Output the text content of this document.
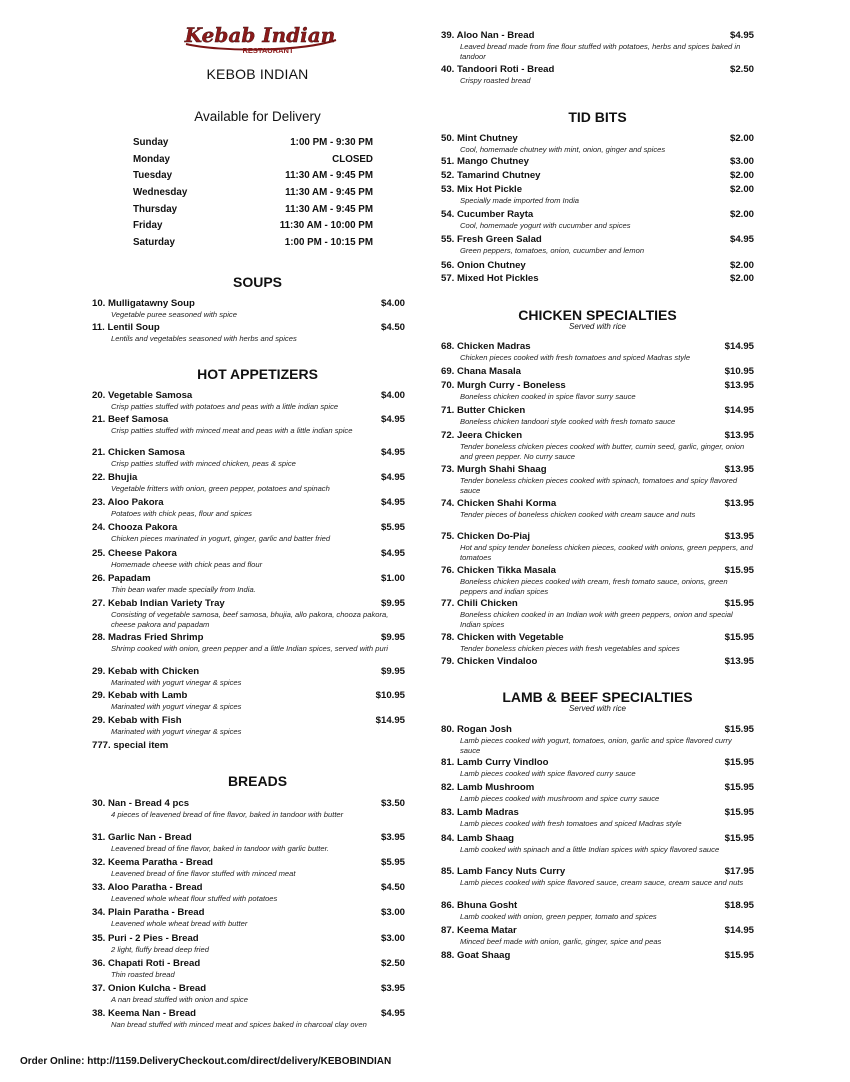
Kebab Indian
RESTAURANT
KEBOB INDIAN
Available for Delivery
Sunday	1:00 PM - 9:30 PM
Monday	CLOSED
Tuesday	11:30 AM - 9:45 PM
Wednesday	11:30 AM - 9:45 PM
Thursday	11:30 AM - 9:45 PM
Friday	11:30 AM - 10:00 PM
Saturday	1:00 PM - 10:15 PM
SOUPS
HOT APPETIZERS
BREADS
TID BITS
CHICKEN SPECIALTIES
Served with rice
LAMB & BEEF SPECIALTIES
Served with rice
Order Online: http://1159.DeliveryCheckout.com/direct/delivery/KEBOBINDIAN
10. Mulligatawny Soup	$4.00
Vegetable puree seasoned with spice
11. Lentil Soup	$4.50
Lentils and vegetables seasoned with herbs and spices
20. Vegetable Samosa	$4.00
Crisp patties stuffed with potatoes and peas with a little indian spice
21. Beef Samosa	$4.95
Crisp patties stuffed with minced meat and peas with a little indian spice
21. Chicken Samosa	$4.95
Crisp patties stuffed with minced chicken, peas & spice
22. Bhujia	$4.95
Vegetable fritters with onion, green pepper, potatoes and spinach
23. Aloo Pakora	$4.95
Potatoes with chick peas, flour and spices
24. Chooza Pakora	$5.95
Chicken pieces marinated in yogurt, ginger, garlic and batter fried
25. Cheese Pakora	$4.95
Homemade cheese with chick peas and flour
26. Papadam	$1.00
Thin bean wafer made specially from India.
27. Kebab Indian Variety Tray	$9.95
Consisting of vegetable samosa, beef samosa, bhujia, allo pakora, chooza pakora, cheese pakora and papadam
28. Madras Fried Shrimp	$9.95
Shrimp cooked with onion, green pepper and a little Indian spices, served with puri
29. Kebab with Chicken	$9.95
Marinated with yogurt vinegar & spices
29. Kebab with Lamb	$10.95
Marinated with yogurt vinegar & spices
29. Kebab with Fish	$14.95
Marinated with yogurt vinegar & spices
777. special item
30. Nan - Bread 4 pcs	$3.50
4 pieces of leavened bread of fine flavor, baked in tandoor with butter
31. Garlic Nan - Bread	$3.95
Leavened bread of fine flavor, baked in tandoor with garlic butter.
32. Keema Paratha - Bread	$5.95
Leavened bread of fine flavor stuffed with minced meat
33. Aloo Paratha - Bread	$4.50
Leavened whole wheat flour stuffed with potatoes
34. Plain Paratha - Bread	$3.00
Leavened whole wheat bread with butter
35. Puri - 2 Pies - Bread	$3.00
2 light, fluffy bread deep fried
36. Chapati Roti - Bread	$2.50
Thin roasted bread
37. Onion Kulcha - Bread	$3.95
A nan bread stuffed with onion and spice
38. Keema Nan - Bread	$4.95
Nan bread stuffed with minced meat and spices baked in charcoal clay oven
39. Aloo Nan - Bread	$4.95
Leaved bread made from fine flour stuffed with potatoes, herbs and spices baked in tandoor
40. Tandoori Roti - Bread	$2.50
Crispy roasted bread
50. Mint Chutney	$2.00
Cool, homemade chutney with mint, onion, ginger and spices
51. Mango Chutney	$3.00
52. Tamarind Chutney	$2.00
53. Mix Hot Pickle	$2.00
Specially made imported from India
54. Cucumber Rayta	$2.00
Cool, homemade yogurt with cucumber and spices
55. Fresh Green Salad	$4.95
Green peppers, tomatoes, onion, cucumber and lemon
56. Onion Chutney	$2.00
57. Mixed Hot Pickles	$2.00
68. Chicken Madras	$14.95
Chicken pieces cooked with fresh tomatoes and spiced Madras style
69. Chana Masala	$10.95
70. Murgh Curry - Boneless	$13.95
Boneless chicken cooked in spice flavor surry sauce
71. Butter Chicken	$14.95
Boneless chicken tandoori style cooked with fresh tomato sauce
72. Jeera Chicken	$13.95
Tender boneless chicken pieces cooked with butter, cumin seed, garlic, ginger, onion and green pepper. No curry sauce
73. Murgh Shahi Shaag	$13.95
Tender boneless chicken pieces cooked with spinach, tomatoes and spicy flavored sauce
74. Chicken Shahi Korma	$13.95
Tender pieces of boneless chicken cooked with cream sauce and nuts
75. Chicken Do-Piaj	$13.95
Hot and spicy tender boneless chicken pieces, cooked with onions, green peppers, and tomatoes
76. Chicken Tikka Masala	$15.95
Boneless chicken pieces cooked with cream, fresh tomato sauce, onions, green peppers and indian spices
77. Chili Chicken	$15.95
Boneless chicken cooked in an Indian wok with green peppers, onion and special Indian spices
78. Chicken with Vegetable	$15.95
Tender boneless chicken pieces with fresh vegetables and spices
79. Chicken Vindaloo	$13.95
80. Rogan Josh	$15.95
Lamb pieces cooked with yogurt, tomatoes, onion, garlic and spice flavored curry sauce
81. Lamb Curry Vindloo	$15.95
Lamb pieces cooked with spice flavored curry sauce
82. Lamb Mushroom	$15.95
Lamb pieces cooked with mushroom and spice curry sauce
83. Lamb Madras	$15.95
Lamb pieces cooked with fresh tomatoes and spiced Madras style
84. Lamb Shaag	$15.95
Lamb cooked with spinach and a little Indian spices with spicy flavored sauce
85. Lamb Fancy Nuts Curry	$17.95
Lamb pieces cooked with spice flavored sauce, cream sauce, cream sauce and nuts
86. Bhuna Gosht	$18.95
Lamb cooked with onion, green pepper, tomato and spices
87. Keema Matar	$14.95
Minced beef made with onion, garlic, ginger, spice and peas
88. Goat Shaag	$15.95
